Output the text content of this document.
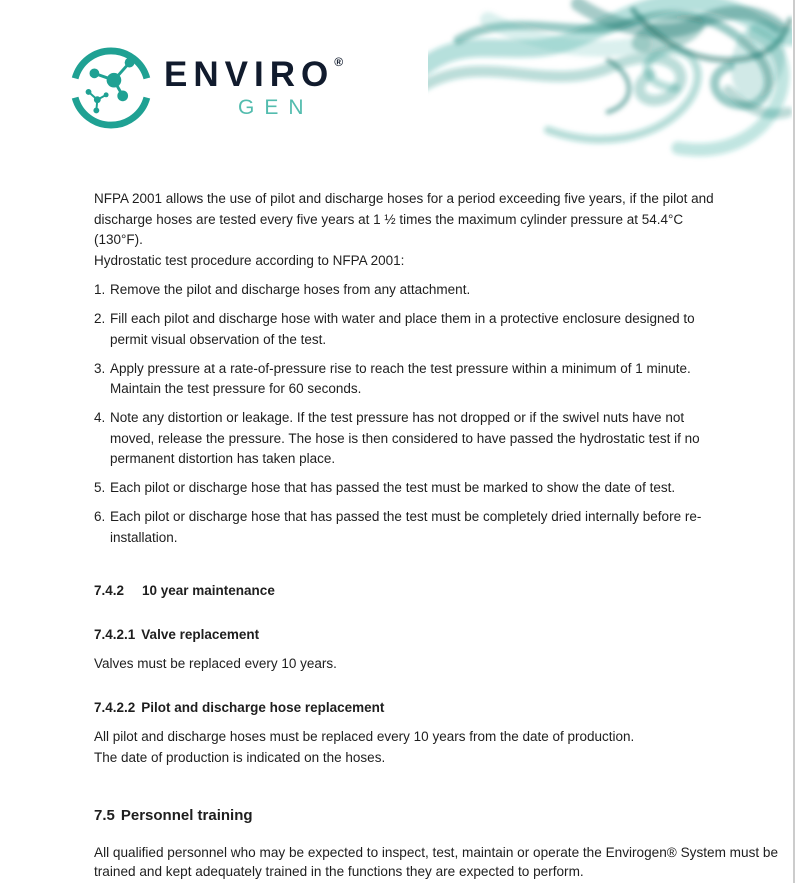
ENVIRO ®
GEN

NFPA 2001 allows the use of pilot and discharge hoses for a period exceeding five years, if the pilot and discharge hoses are tested every five years at 1 ½ times the maximum cylinder pressure at 54.4°C (130°F).

Hydrostatic test procedure according to NFPA 2001:

1. Remove the pilot and discharge hoses from any attachment.
2. Fill each pilot and discharge hose with water and place them in a protective enclosure designed to permit visual observation of the test.
3. Apply pressure at a rate-of-pressure rise to reach the test pressure within a minimum of 1 minute. Maintain the test pressure for 60 seconds.
4. Note any distortion or leakage. If the test pressure has not dropped or if the swivel nuts have not moved, release the pressure. The hose is then considered to have passed the hydrostatic test if no permanent distortion has taken place.
5. Each pilot or discharge hose that has passed the test must be marked to show the date of test.
6. Each pilot or discharge hose that has passed the test must be completely dried internally before re-installation.
7.4.2 10 year maintenance
7.4.2.1 Valve replacement

Valves must be replaced every 10 years.

7.4.2.2 Pilot and discharge hose replacement

All pilot and discharge hoses must be replaced every 10 years from the date of production.

The date of production is indicated on the hoses.

7.5 Personnel training

All qualified personnel who may be expected to inspect, test, maintain or operate the Envirogen® System must be trained and kept adequately trained in the functions they are expected to perform.
